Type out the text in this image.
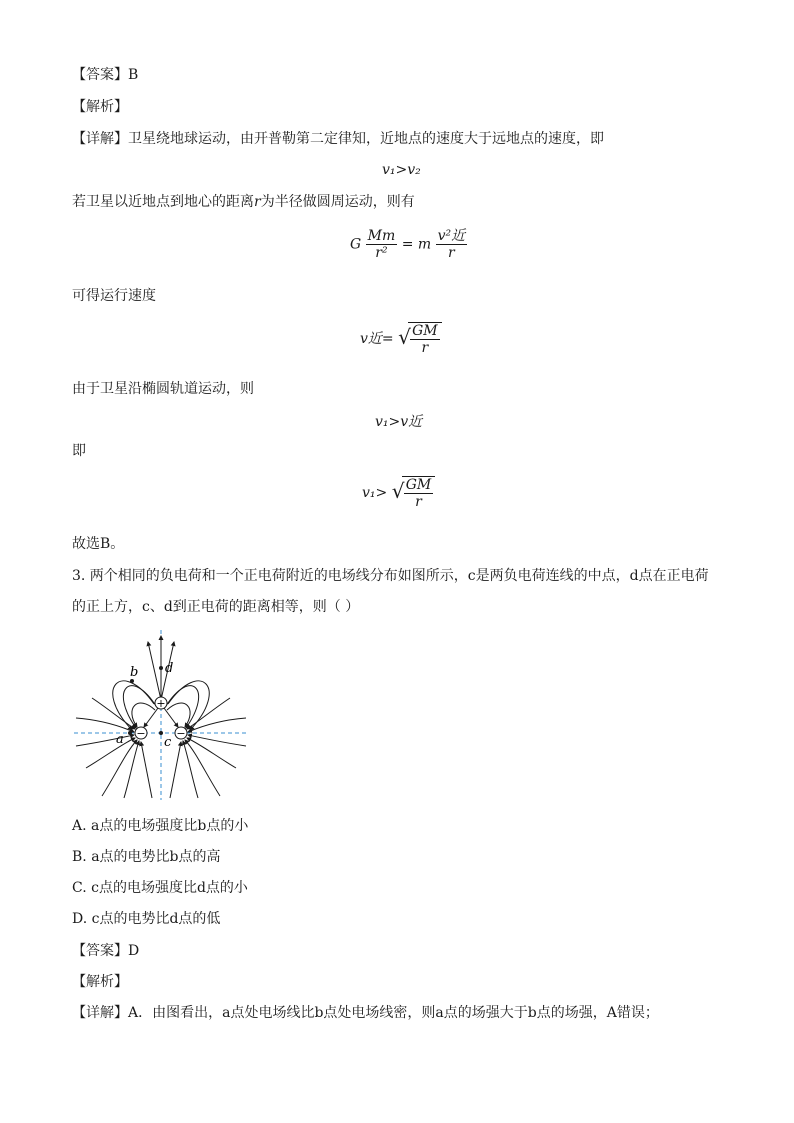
【答案】B
【解析】
【详解】卫星绕地球运动，由开普勒第二定律知，近地点的速度大于远地点的速度，即
v₁>v₂
若卫星以近地点到地心的距离r为半径做圆周运动，则有
G $\frac{Mm}{\text{r²}} = m \frac{\text{v²近}}{r}$
可得运行速度
v近= √ $\frac{GM}{r}$
由于卫星沿椭圆轨道运动，则
v₁>v近
即
v₁> √ $\frac{GM}{r}$
故选B。
3. 两个相同的负电荷和一个正电荷附近的电场线分布如图所示，c是两负电荷连线的中点，d点在正电荷
的正上方，c、d到正电荷的距离相等，则（ ）
+
−	−
a
b
c
d
A. a点的电场强度比b点的小
B. a点的电势比b点的高
C. c点的电场强度比d点的小
D. c点的电势比d点的低
【答案】D
【解析】
【详解】A．由图看出，a点处电场线比b点处电场线密，则a点的场强大于b点的场强，A错误；
